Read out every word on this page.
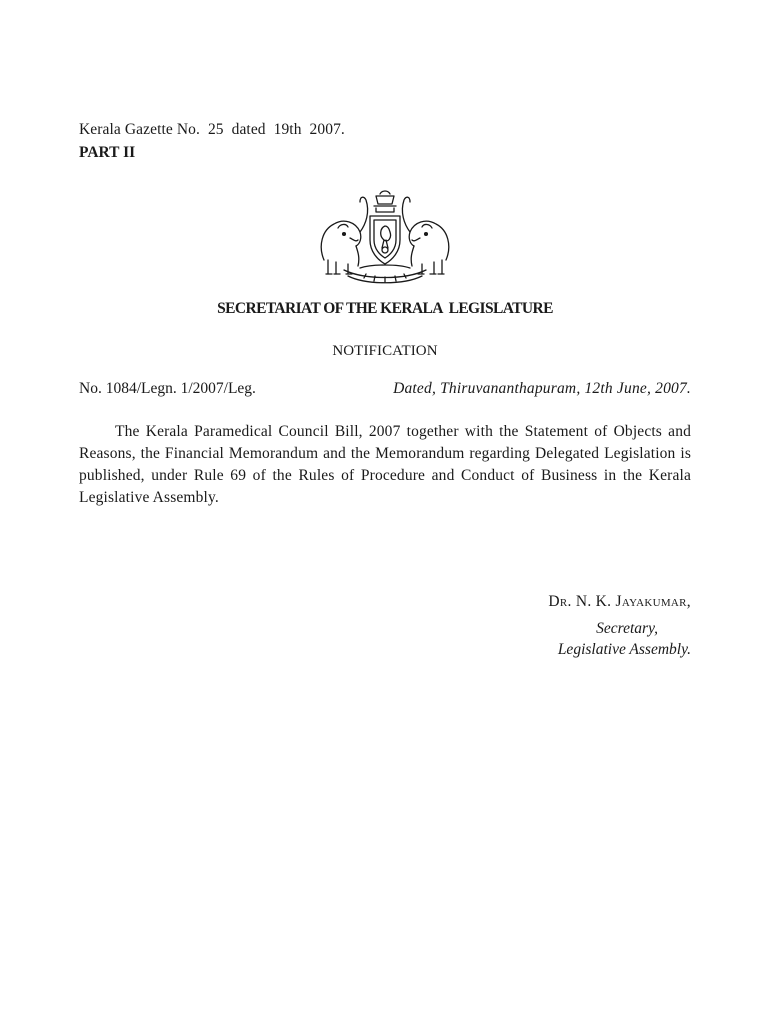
Kerala Gazette No.  25  dated  19th  2007.
PART II
SECRETARIAT OF THE KERALA  LEGISLATURE
NOTIFICATION
No. 1084/Legn. 1/2007/Leg.	Dated, Thiruvananthapuram, 12th June, 2007.

The Kerala Paramedical Council Bill, 2007 together with the Statement of Objects and Reasons, the Financial Memorandum and the Memorandum regarding Delegated Legislation is published, under Rule 69 of the Rules of Procedure and Conduct of Business in the Kerala Legislative Assembly.

Dr. N. K. Jayakumar,
Secretary,
Legislative Assembly.
